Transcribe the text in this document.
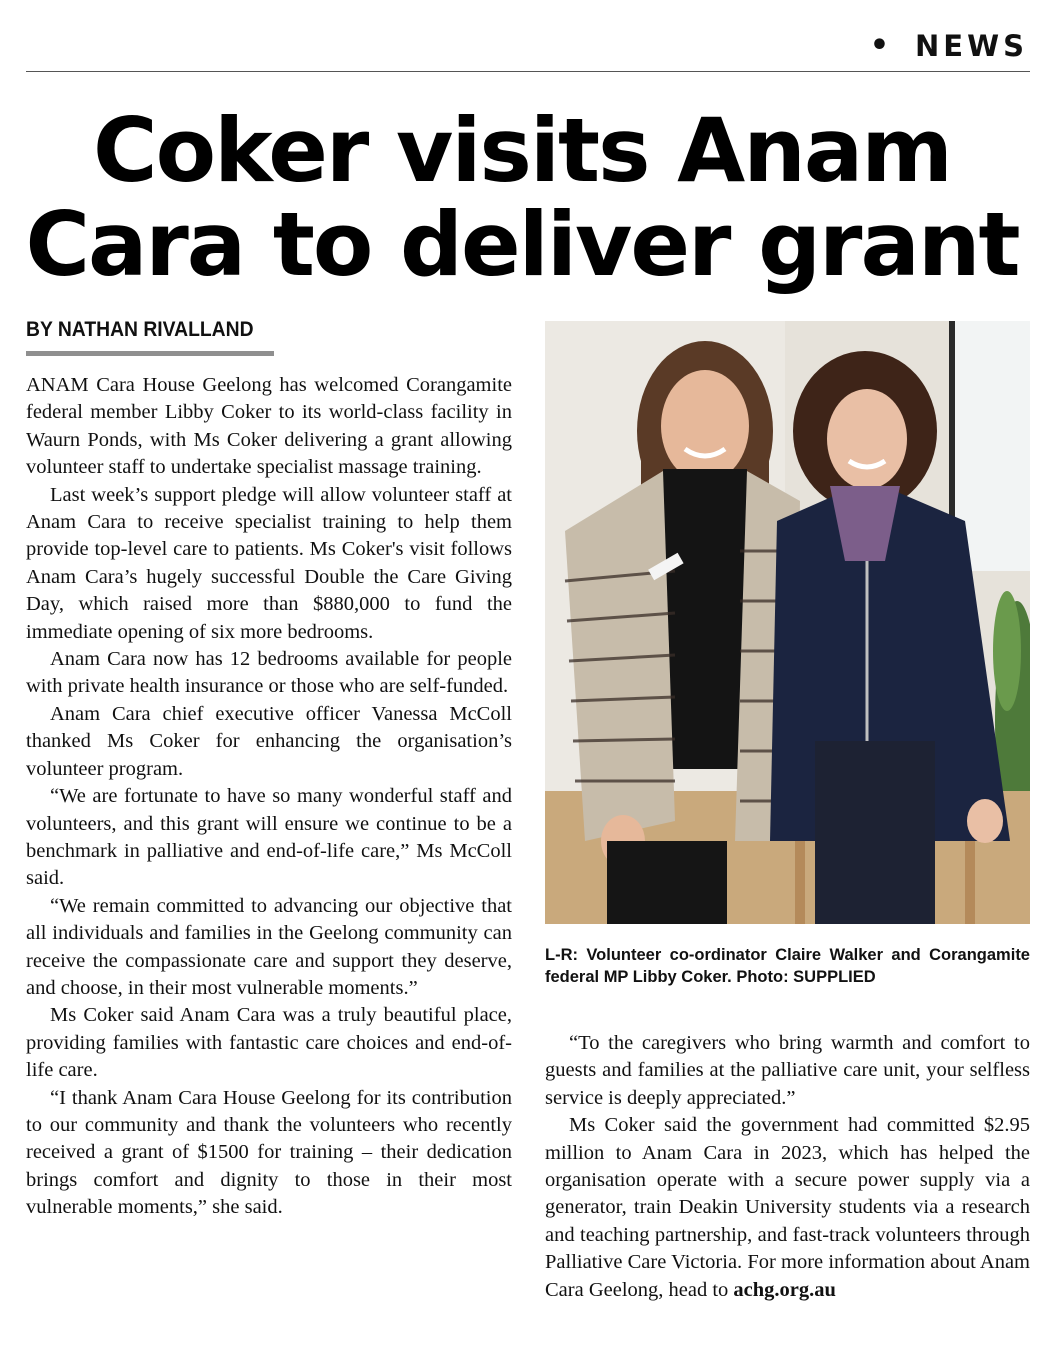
• NEWS
Coker visits Anam
Cara to deliver grant
BY NATHAN RIVALLAND

ANAM Cara House Geelong has welcomed Corangamite federal member Libby Coker to its world-class facility in Waurn Ponds, with Ms Coker delivering a grant allowing volunteer staff to undertake specialist massage training.

Last week’s support pledge will allow volunteer staff at Anam Cara to receive specialist training to help them provide top-level care to patients. Ms Coker's visit follows Anam Cara’s hugely successful Double the Care Giving Day, which raised more than $880,000 to fund the immediate opening of six more bedrooms.

Anam Cara now has 12 bedrooms available for people with private health insurance or those who are self-funded.

Anam Cara chief executive officer Vanessa McColl thanked Ms Coker for enhancing the organisation’s volunteer program.

“We are fortunate to have so many wonderful staff and volunteers, and this grant will ensure we continue to be a benchmark in palliative and end-of-life care,” Ms McColl said.

“We remain committed to advancing our objective that all individuals and families in the Geelong community can receive the compassionate care and support they deserve, and choose, in their most vulnerable moments.”

Ms Coker said Anam Cara was a truly beautiful place, providing families with fantastic care choices and end-of-life care.

“I thank Anam Cara House Geelong for its contribution to our community and thank the volunteers who recently received a grant of $1500 for training – their dedication brings comfort and dignity to those in their most vulnerable moments,” she said.

L-R: Volunteer co-ordinator Claire Walker and Corangamite federal MP Libby Coker. Photo: SUPPLIED

“To the caregivers who bring warmth and comfort to guests and families at the palliative care unit, your selfless service is deeply appreciated.”

Ms Coker said the government had committed $2.95 million to Anam Cara in 2023, which has helped the organisation operate with a secure power supply via a generator, train Deakin University students via a research and teaching partnership, and fast-track volunteers through Palliative Care Victoria. For more information about Anam Cara Geelong, head to achg.org.au
